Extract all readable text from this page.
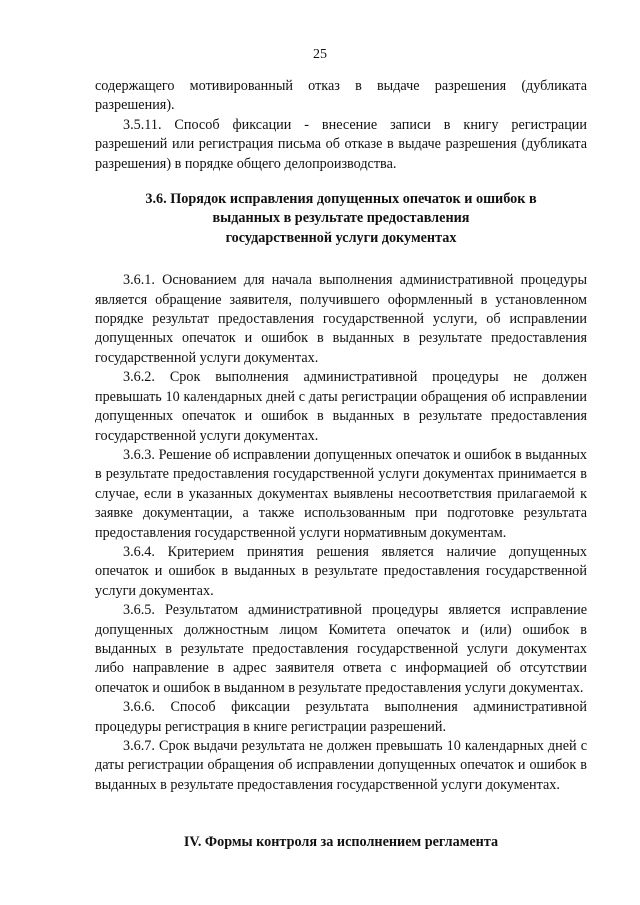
25

содержащего мотивированный отказ в выдаче разрешения (дубликата разрешения).

3.5.11. Способ фиксации - внесение записи в книгу регистрации разрешений или регистрация письма об отказе в выдаче разрешения (дубликата разрешения) в порядке общего делопроизводства.

3.6. Порядок исправления допущенных опечаток и ошибок в
выданных в результате предоставления
государственной услуги документах

3.6.1. Основанием для начала выполнения административной процедуры является обращение заявителя, получившего оформленный в установленном порядке результат предоставления государственной услуги, об исправлении допущенных опечаток и ошибок в выданных в результате предоставления государственной услуги документах.

3.6.2. Срок выполнения административной процедуры не должен превышать 10 календарных дней с даты регистрации обращения об исправлении допущенных опечаток и ошибок в выданных в результате предоставления государственной услуги документах.

3.6.3. Решение об исправлении допущенных опечаток и ошибок в выданных в результате предоставления государственной услуги документах принимается в случае, если в указанных документах выявлены несоответствия прилагаемой к заявке документации, а также использованным при подготовке результата предоставления государственной услуги нормативным документам.

3.6.4. Критерием принятия решения является наличие допущенных опечаток и ошибок в выданных в результате предоставления государственной услуги документах.

3.6.5. Результатом административной процедуры является исправление допущенных должностным лицом Комитета опечаток и (или) ошибок в выданных в результате предоставления государственной услуги документах либо направление в адрес заявителя ответа с информацией об отсутствии опечаток и ошибок в выданном в результате предоставления услуги документах.

3.6.6. Способ фиксации результата выполнения административной процедуры регистрация в книге регистрации разрешений.

3.6.7. Срок выдачи результата не должен превышать 10 календарных дней с даты регистрации обращения об исправлении допущенных опечаток и ошибок в выданных в результате предоставления государственной услуги документах.

IV. Формы контроля за исполнением регламента
